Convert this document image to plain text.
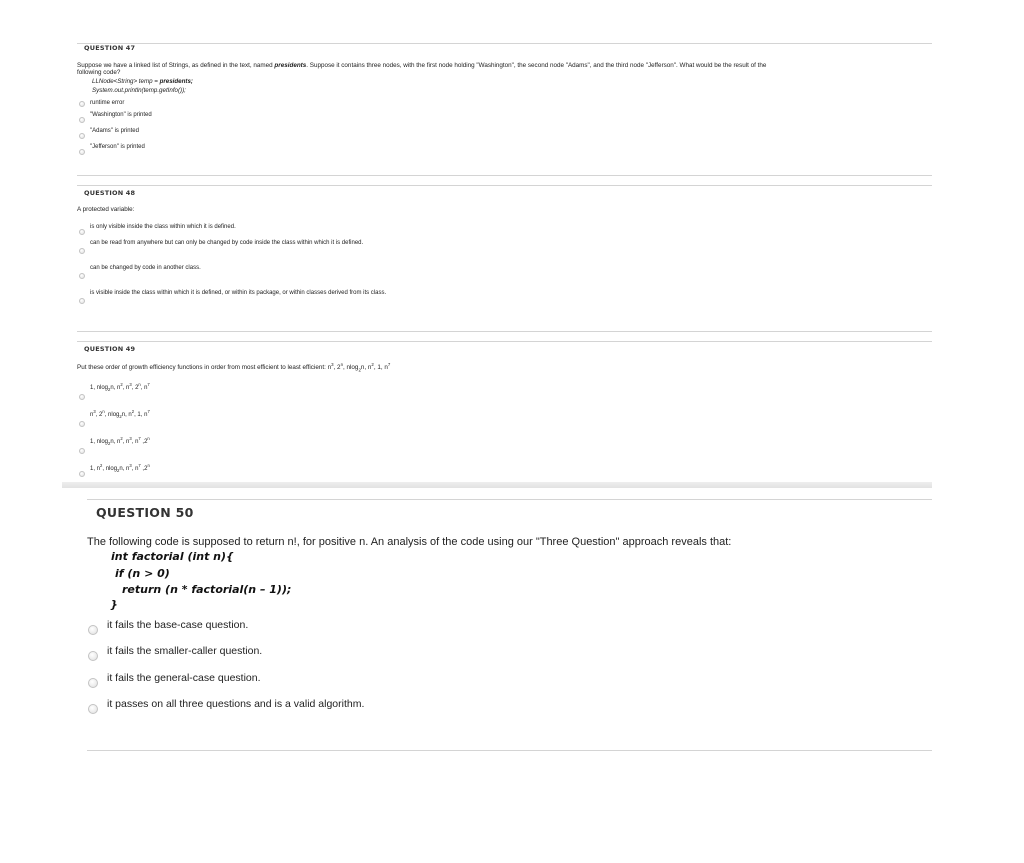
QUESTION 47
Suppose we have a linked list of Strings, as defined in the text, named presidents. Suppose it contains three nodes, with the first node holding "Washington", the second node "Adams", and the third node "Jefferson". What would be the result of the
following code?
LLNode<String> temp = presidents;
System.out.println(temp.getInfo());
runtime error
"Washington" is printed
"Adams" is printed
"Jefferson" is printed
QUESTION 48
A protected variable:
is only visible inside the class within which it is defined.
can be read from anywhere but can only be changed by code inside the class within which it is defined.
can be changed by code in another class.
is visible inside the class within which it is defined, or within its package, or within classes derived from its class.
QUESTION 49
Put these order of growth efficiency functions in order from most efficient to least efficient: $n^3$, 2$^n$, nlog$_2$n, $n^2$, 1, $n^7$
1, nlog$_2$n, $n^2$, $n^3$, 2$^n$, $n^7$
$n^3$, 2$^n$, nlog$_2$n, $n^2$, 1, $n^7$
1, nlog$_2$n, $n^2$, $n^3$, $n^7$ ,2$^n$
1, $n^2$, nlog$_2$n, $n^3$, $n^7$ ,2$^n$
QUESTION 50
The following code is supposed to return n!, for positive n. An analysis of the code using our "Three Question" approach reveals that:
int factorial (int n){
if (n > 0)
return (n * factorial(n – 1));
}
it fails the base-case question.
it fails the smaller-caller question.
it fails the general-case question.
it passes on all three questions and is a valid algorithm.
